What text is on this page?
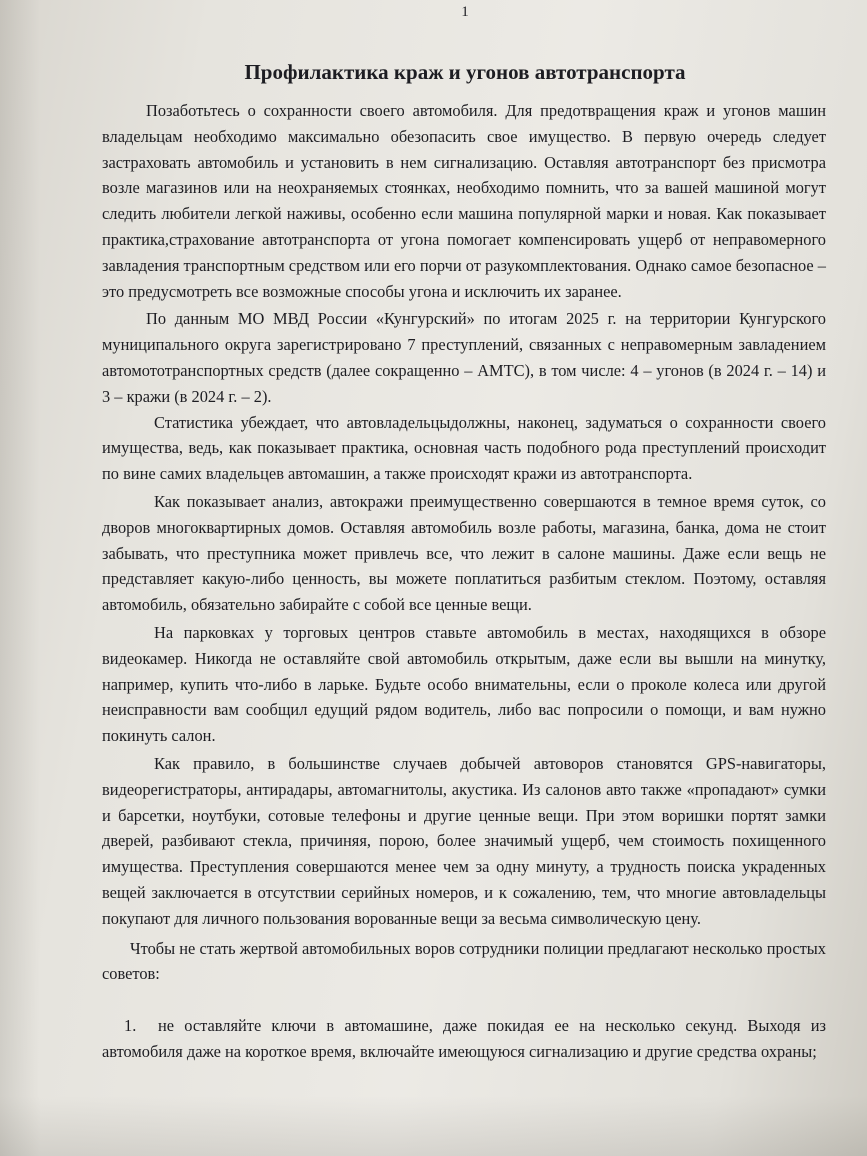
1
Профилактика краж и угонов автотранспорта

Позаботьтесь о сохранности своего автомобиля. Для предотвращения краж и угонов машин владельцам необходимо максимально обезопасить свое имущество. В первую очередь следует застраховать автомобиль и установить в нем сигнализацию. Оставляя автотранспорт без присмотра возле магазинов или на неохраняемых стоянках, необходимо помнить, что за вашей машиной могут следить любители легкой наживы, особенно если машина популярной марки и новая. Как показывает практика,страхование автотранспорта от угона помогает компенсировать ущерб от неправомерного завладения транспортным средством или его порчи от разукомплектования. Однако самое безопасное – это предусмотреть все возможные способы угона и исключить их заранее.

По данным МО МВД России «Кунгурский» по итогам 2025 г. на территории Кунгурского муниципального округа зарегистрировано 7 преступлений, связанных с неправомерным завладением автомототранспортных средств (далее сокращенно – АМТС), в том числе: 4 – угонов (в 2024 г. – 14) и 3 – кражи (в 2024 г. – 2).

Статистика убеждает, что автовладельцыдолжны, наконец, задуматься о сохранности своего имущества, ведь, как показывает практика, основная часть подобного рода преступлений происходит по вине самих владельцев автомашин, а также происходят кражи из автотранспорта.

Как показывает анализ, автокражи преимущественно совершаются в темное время суток, со дворов многоквартирных домов. Оставляя автомобиль возле работы, магазина, банка, дома не стоит забывать, что преступника может привлечь все, что лежит в салоне машины. Даже если вещь не представляет какую-либо ценность, вы можете поплатиться разбитым стеклом. Поэтому, оставляя автомобиль, обязательно забирайте с собой все ценные вещи.

На парковках у торговых центров ставьте автомобиль в местах, находящихся в обзоре видеокамер. Никогда не оставляйте свой автомобиль открытым, даже если вы вышли на минутку, например, купить что-либо в ларьке. Будьте особо внимательны, если о проколе колеса или другой неисправности вам сообщил едущий рядом водитель, либо вас попросили о помощи, и вам нужно покинуть салон.

Как правило, в большинстве случаев добычей автоворов становятся GPS-навигаторы, видеорегистраторы, антирадары, автомагнитолы, акустика. Из салонов авто также «пропадают» сумки и барсетки, ноутбуки, сотовые телефоны и другие ценные вещи. При этом воришки портят замки дверей, разбивают стекла, причиняя, порою, более значимый ущерб, чем стоимость похищенного имущества. Преступления совершаются менее чем за одну минуту, а трудность поиска украденных вещей заключается в отсутствии серийных номеров, и к сожалению, тем, что многие автовладельцы покупают для личного пользования ворованные вещи за весьма символическую цену.

Чтобы не стать жертвой автомобильных воров сотрудники полиции предлагают несколько простых советов:

1. не оставляйте ключи в автомашине, даже покидая ее на несколько секунд. Выходя из автомобиля даже на короткое время, включайте имеющуюся сигнализацию и другие средства охраны;
